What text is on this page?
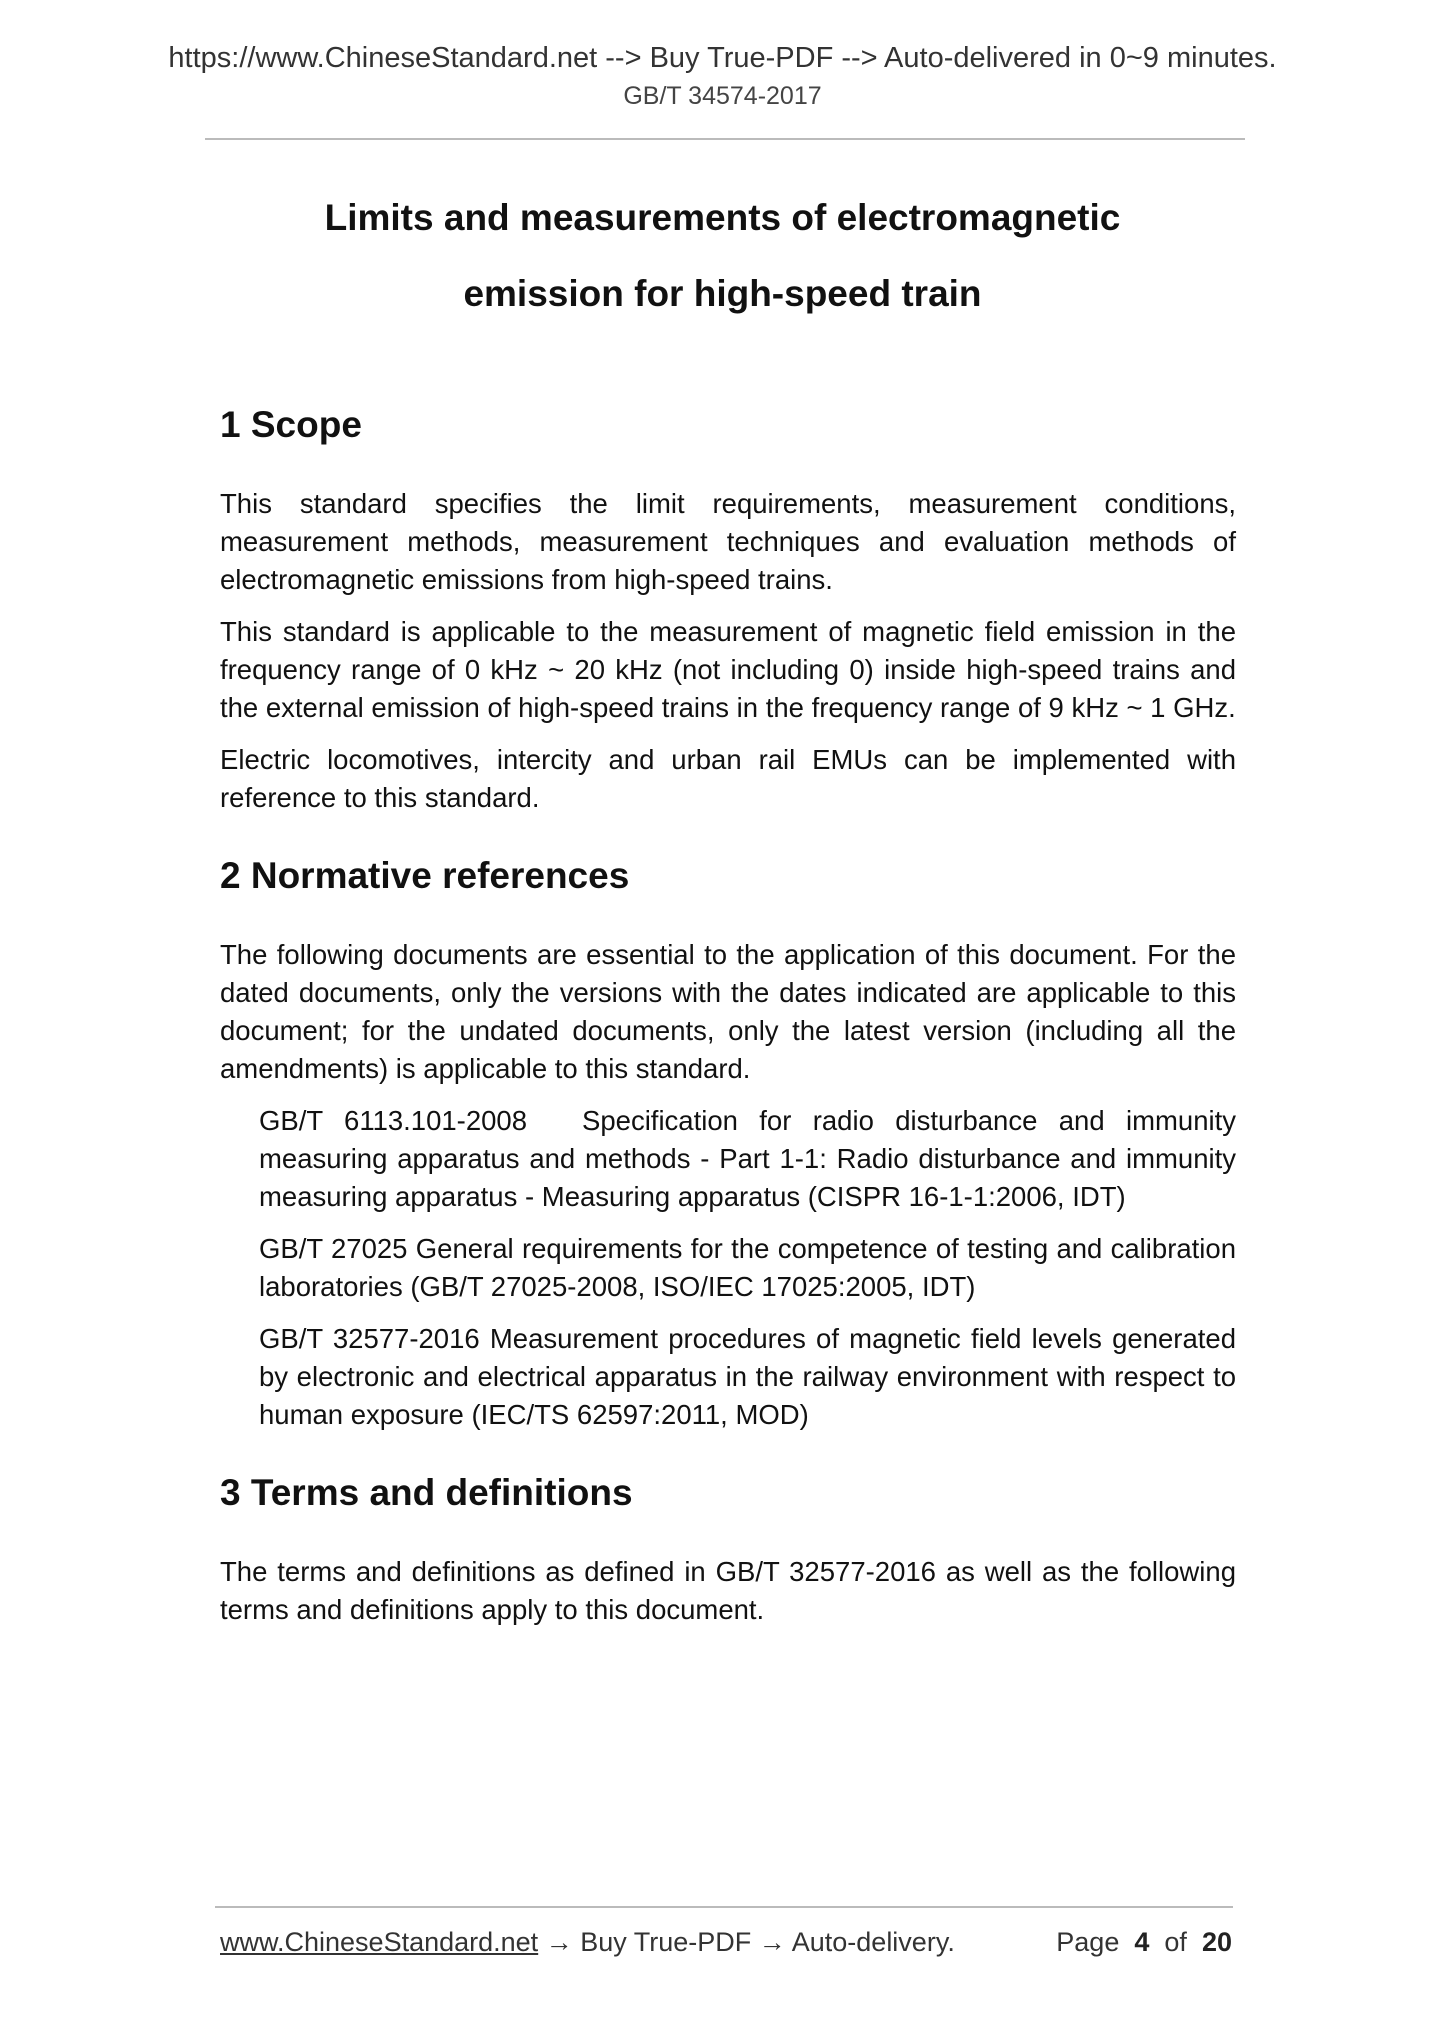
https://www.ChineseStandard.net --> Buy True-PDF --> Auto-delivered in 0~9 minutes.
GB/T 34574-2017
Limits and measurements of electromagnetic
emission for high-speed train
1 Scope

This standard specifies the limit requirements, measurement conditions, measurement methods, measurement techniques and evaluation methods of electromagnetic emissions from high-speed trains.

This standard is applicable to the measurement of magnetic field emission in the frequency range of 0 kHz ~ 20 kHz (not including 0) inside high-speed trains and the external emission of high-speed trains in the frequency range of 9 kHz ~ 1 GHz.

Electric locomotives, intercity and urban rail EMUs can be implemented with reference to this standard.

2 Normative references

The following documents are essential to the application of this document. For the dated documents, only the versions with the dates indicated are applicable to this document; for the undated documents, only the latest version (including all the amendments) is applicable to this standard.

GB/T 6113.101-2008  Specification for radio disturbance and immunity measuring apparatus and methods - Part 1-1: Radio disturbance and immunity measuring apparatus - Measuring apparatus (CISPR 16-1-1:2006, IDT)

GB/T 27025 General requirements for the competence of testing and calibration laboratories (GB/T 27025-2008, ISO/IEC 17025:2005, IDT)

GB/T 32577-2016 Measurement procedures of magnetic field levels generated by electronic and electrical apparatus in the railway environment with respect to human exposure (IEC/TS 62597:2011, MOD)

3 Terms and definitions

The terms and definitions as defined in GB/T 32577-2016 as well as the following terms and definitions apply to this document.

www.ChineseStandard.net → Buy True-PDF → Auto-delivery.	Page 4 of 20
